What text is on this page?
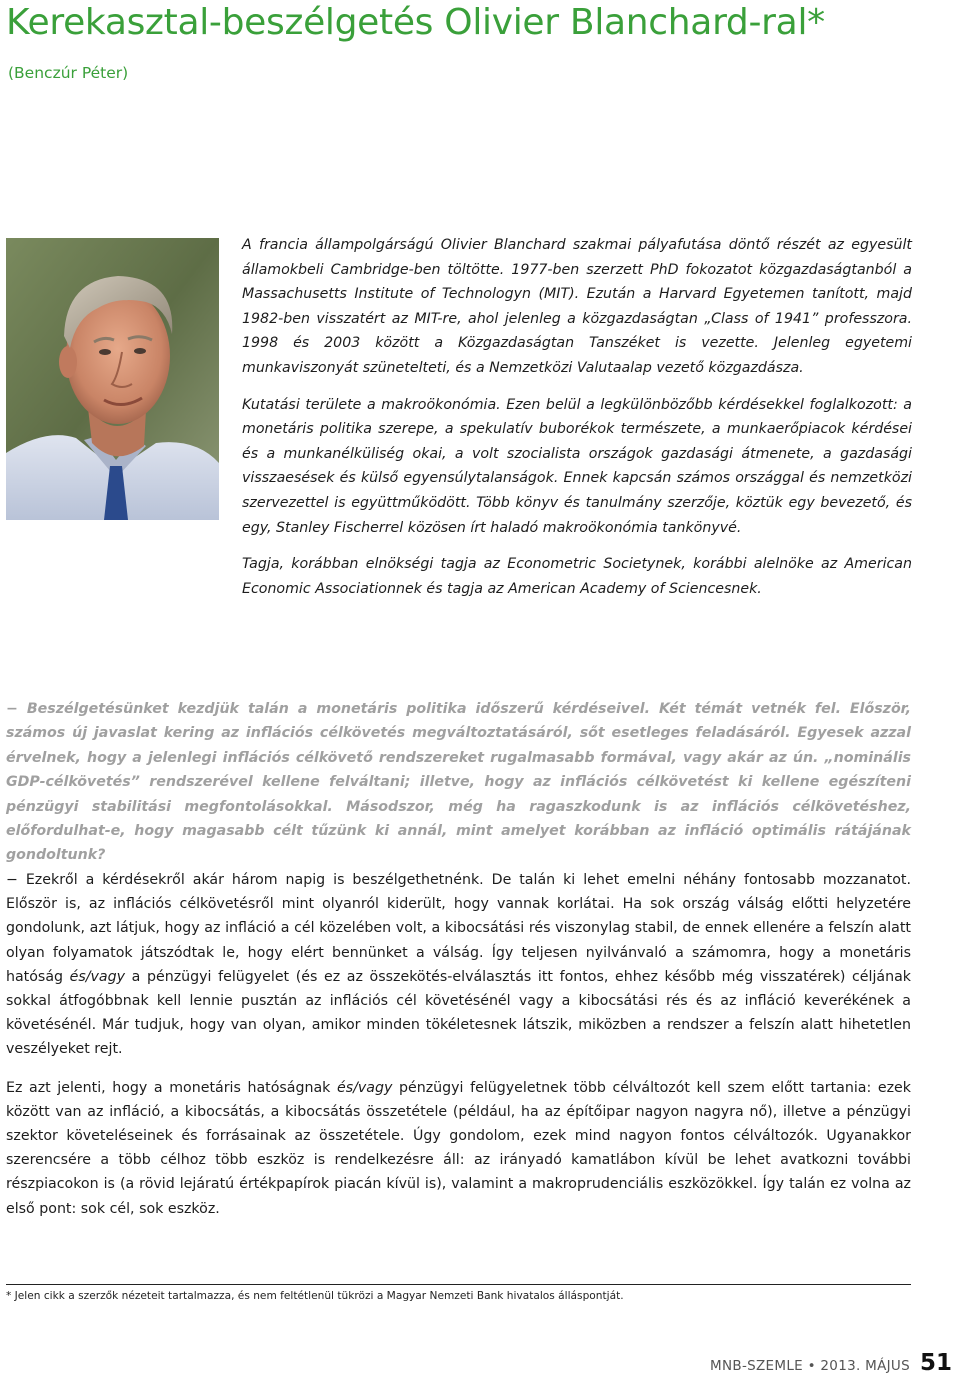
Kerekasztal-beszélgetés Olivier Blanchard-ral*
(Benczúr Péter)

A francia állampolgárságú Olivier Blanchard szakmai pályafutása döntő részét az egyesült államokbeli Cambridge-ben töltötte. 1977-ben szerzett PhD fokozatot közgazdaságtanból a Massachusetts Institute of Technologyn (MIT). Ezután a Harvard Egyetemen tanított, majd 1982-ben visszatért az MIT-re, ahol jelenleg a közgazdaságtan „Class of 1941” professzora. 1998 és 2003 között a Közgazdaságtan Tanszéket is vezette. Jelenleg egyetemi munkaviszonyát szünetelteti, és a Nemzetközi Valutaalap vezető közgazdásza.

Kutatási területe a makroökonómia. Ezen belül a legkülönbözőbb kérdésekkel foglalkozott: a monetáris politika szerepe, a spekulatív buborékok természete, a munkaerőpiacok kérdései és a munkanélküliség okai, a volt szocialista országok gazdasági átmenete, a gazdasági visszaesések és külső egyensúlytalanságok. Ennek kapcsán számos országgal és nemzetközi szervezettel is együttműködött. Több könyv és tanulmány szerzője, köztük egy bevezető, és egy, Stanley Fischerrel közösen írt haladó makroökonómia tankönyvé.

Tagja, korábban elnökségi tagja az Econometric Societynek, korábbi alelnöke az American Economic Associationnek és tagja az American Academy of Sciencesnek.

− Beszélgetésünket kezdjük talán a monetáris politika időszerű kérdéseivel. Két témát vetnék fel. Először, számos új javaslat kering az inflációs célkövetés megváltoztatásáról, sőt esetleges feladásáról. Egyesek azzal érvelnek, hogy a jelenlegi inflációs célkövető rendszereket rugalmasabb formával, vagy akár az ún. „nominális GDP-célkövetés” rendszerével kellene felváltani; illetve, hogy az inflációs célkövetést ki kellene egészíteni pénzügyi stabilitási megfontolásokkal. Másodszor, még ha ragaszkodunk is az inflációs célkövetéshez, előfordulhat-e, hogy magasabb célt tűzünk ki annál, mint amelyet korábban az infláció optimális rátájának gondoltunk?

− Ezekről a kérdésekről akár három napig is beszélgethetnénk. De talán ki lehet emelni néhány fontosabb mozzanatot. Először is, az inflációs célkövetésről mint olyanról kiderült, hogy vannak korlátai. Ha sok ország válság előtti helyzetére gondolunk, azt látjuk, hogy az infláció a cél közelében volt, a kibocsátási rés viszonylag stabil, de ennek ellenére a felszín alatt olyan folyamatok játszódtak le, hogy elért bennünket a válság. Így teljesen nyilvánvaló a számomra, hogy a monetáris hatóság és/vagy a pénzügyi felügyelet (és ez az összekötés-elválasztás itt fontos, ehhez később még visszatérek) céljának sokkal átfogóbbnak kell lennie pusztán az inflációs cél követésénél vagy a kibocsátási rés és az infláció keverékének a követésénél. Már tudjuk, hogy van olyan, amikor minden tökéletesnek látszik, miközben a rendszer a felszín alatt hihetetlen veszélyeket rejt.

Ez azt jelenti, hogy a monetáris hatóságnak és/vagy pénzügyi felügyeletnek több célváltozót kell szem előtt tartania: ezek között van az infláció, a kibocsátás, a kibocsátás összetétele (például, ha az építőipar nagyon nagyra nő), illetve a pénzügyi szektor követeléseinek és forrásainak az összetétele. Úgy gondolom, ezek mind nagyon fontos célváltozók. Ugyanakkor szerencsére a több célhoz több eszköz is rendelkezésre áll: az irányadó kamatlábon kívül be lehet avatkozni további részpiacokon is (a rövid lejáratú értékpapírok piacán kívül is), valamint a makroprudenciális eszközökkel. Így talán ez volna az első pont: sok cél, sok eszköz.

* Jelen cikk a szerzők nézeteit tartalmazza, és nem feltétlenül tükrözi a Magyar Nemzeti Bank hivatalos álláspontját.
MNB-SZEMLE • 2013. MÁJUS 51
